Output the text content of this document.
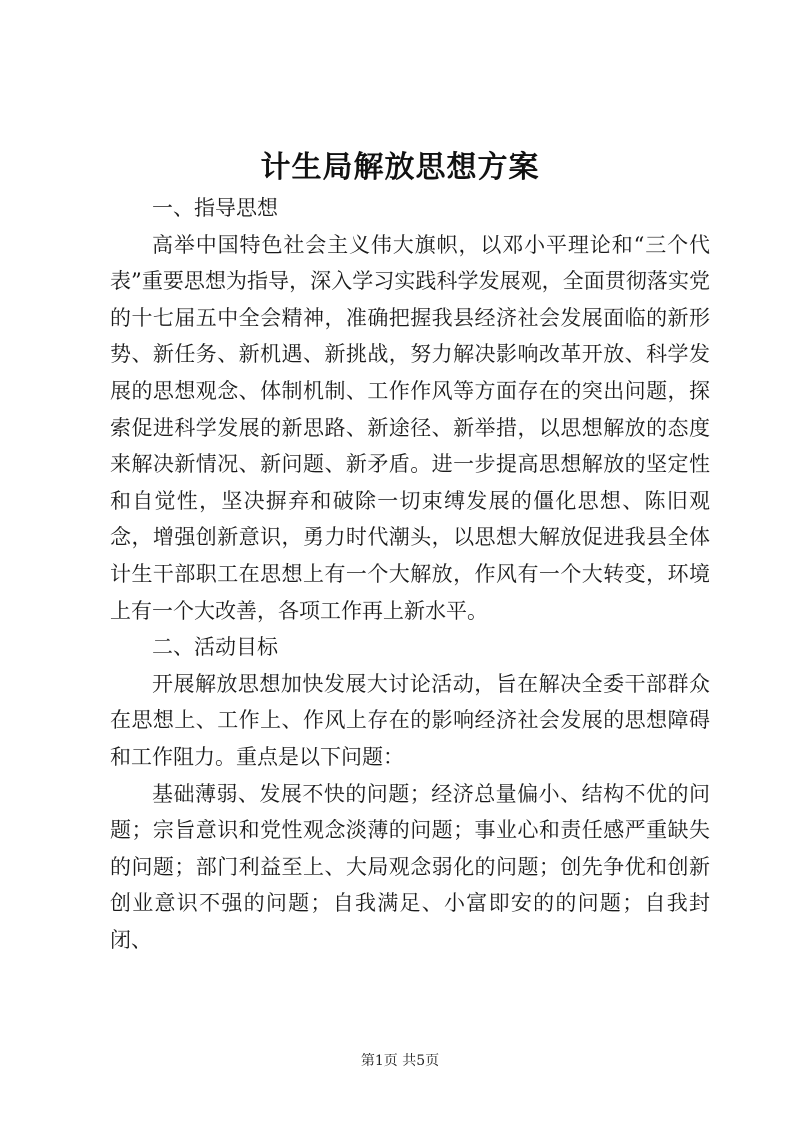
计生局解放思想方案

一、指导思想

高举中国特色社会主义伟大旗帜，以邓小平理论和“三个代表”重要思想为指导，深入学习实践科学发展观，全面贯彻落实党的十七届五中全会精神，准确把握我县经济社会发展面临的新形势、新任务、新机遇、新挑战，努力解决影响改革开放、科学发展的思想观念、体制机制、工作作风等方面存在的突出问题，探索促进科学发展的新思路、新途径、新举措，以思想解放的态度来解决新情况、新问题、新矛盾。进一步提高思想解放的坚定性和自觉性，坚决摒弃和破除一切束缚发展的僵化思想、陈旧观念，增强创新意识，勇力时代潮头，以思想大解放促进我县全体计生干部职工在思想上有一个大解放，作风有一个大转变，环境上有一个大改善，各项工作再上新水平。

二、活动目标

开展解放思想加快发展大讨论活动，旨在解决全委干部群众在思想上、工作上、作风上存在的影响经济社会发展的思想障碍和工作阻力。重点是以下问题：

基础薄弱、发展不快的问题；经济总量偏小、结构不优的问题；宗旨意识和党性观念淡薄的问题；事业心和责任感严重缺失的问题；部门利益至上、大局观念弱化的问题；创先争优和创新创业意识不强的问题；自我满足、小富即安的的问题；自我封闭、

第1页 共5页
